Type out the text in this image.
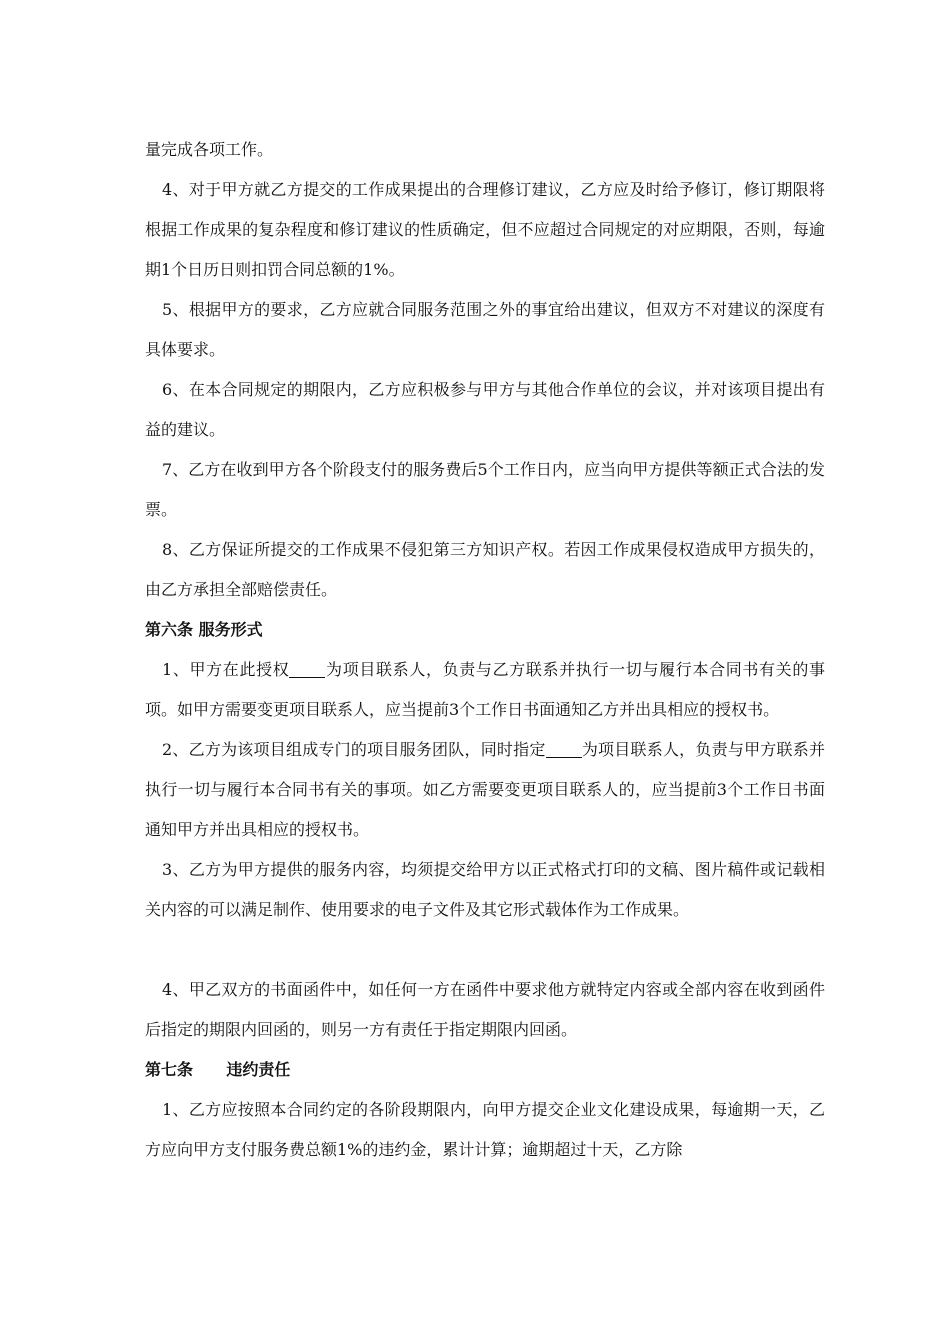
量完成各项工作。

4、对于甲方就乙方提交的工作成果提出的合理修订建议，乙方应及时给予修订，修订期限将根据工作成果的复杂程度和修订建议的性质确定，但不应超过合同规定的对应期限，否则，每逾期1个日历日则扣罚合同总额的1%。

5、根据甲方的要求，乙方应就合同服务范围之外的事宜给出建议，但双方不对建议的深度有具体要求。

6、在本合同规定的期限内，乙方应积极参与甲方与其他合作单位的会议，并对该项目提出有益的建议。

7、乙方在收到甲方各个阶段支付的服务费后5个工作日内，应当向甲方提供等额正式合法的发票。

8、乙方保证所提交的工作成果不侵犯第三方知识产权。若因工作成果侵权造成甲方损失的，由乙方承担全部赔偿责任。

第六条 服务形式

1、甲方在此授权 为项目联系人，负责与乙方联系并执行一切与履行本合同书有关的事项。如甲方需要变更项目联系人，应当提前3个工作日书面通知乙方并出具相应的授权书。

2、乙方为该项目组成专门的项目服务团队，同时指定 为项目联系人，负责与甲方联系并执行一切与履行本合同书有关的事项。如乙方需要变更项目联系人的，应当提前3个工作日书面通知甲方并出具相应的授权书。

3、乙方为甲方提供的服务内容，均须提交给甲方以正式格式打印的文稿、图片稿件或记载相关内容的可以满足制作、使用要求的电子文件及其它形式载体作为工作成果。

4、甲乙双方的书面函件中，如任何一方在函件中要求他方就特定内容或全部内容在收到函件后指定的期限内回函的，则另一方有责任于指定期限内回函。

第七条      违约责任

1、乙方应按照本合同约定的各阶段期限内，向甲方提交企业文化建设成果，每逾期一天，乙方应向甲方支付服务费总额1%的违约金，累计计算；逾期超过十天，乙方除
